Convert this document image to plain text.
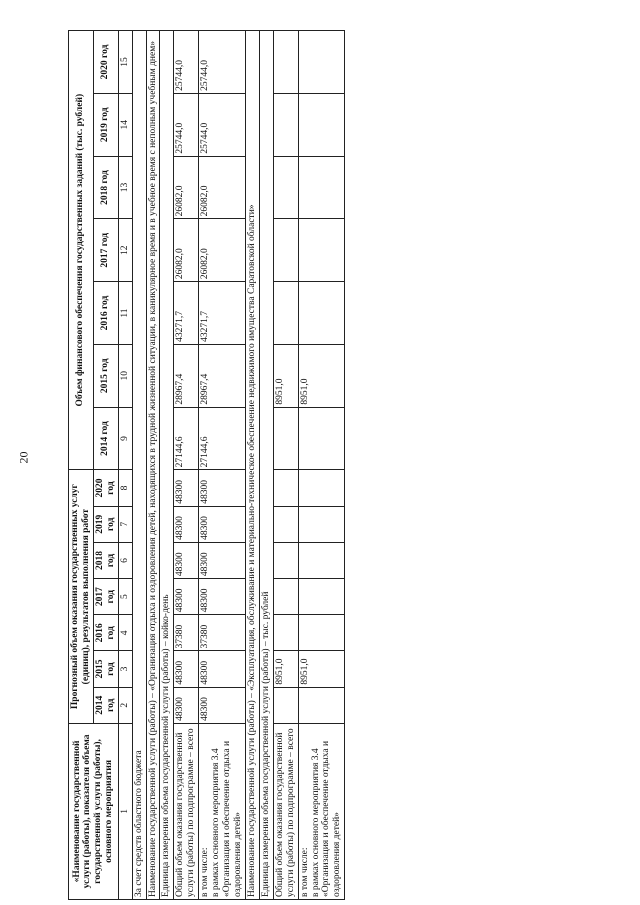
20
«Наименование государственной услуги (работы), показателя объема государственной услуги (работы), основного мероприятия	Прогнозный объем оказания государственных услуг (единиц), результатов выполнения работ							Объем финансового обеспечения государственных заданий (тыс. рублей)						
	2014 год	2015 год	2016 год	2017 год	2018 год	2019 год	2020 год	2014 год	2015 год	2016 год	2017 год	2018 год	2019 год	2020 год
1	2	3	4	5	6	7	8	9	10	11	12	13	14	15
За счет средств областного бюджета														
Наименование государственной услуги (работы) – «Организация отдыха и оздоровления детей, находящихся в трудной жизненной ситуации, в каникулярное время и в учебное время с неполным учебным днем»														
Единица измерения объема государственной услуги (работы) – койко-день														
Общий объем оказания государственной услуги (работы) по подпрограмме – всего	48300	48300	37380	48300	48300	48300	48300	27144,6	28967,4	43271,7	26082,0	26082,0	25744,0	25744,0

в том числе: в рамках основного мероприятия 3.4 «Организация и обеспечение отдыха и оздоровления детей»	48300	48300	37380	48300	48300	48300	48300	27144,6	28967,4	43271,7	26082,0	26082,0	25744,0	25744,0
Наименование государственной услуги (работы) – «Эксплуатация, обслуживание и материально-техническое обеспечение недвижимого имущества Саратовской области»														
Единица измерения объема государственной услуги (работы) – тыс. рублей														
Общий объем оказания государственной услуги (работы) по подпрограмме – всего		8951,0							8951,0					

в том числе: в рамках основного мероприятия 3.4 «Организация и обеспечение отдыха и оздоровления детей»		8951,0							8951,0					
